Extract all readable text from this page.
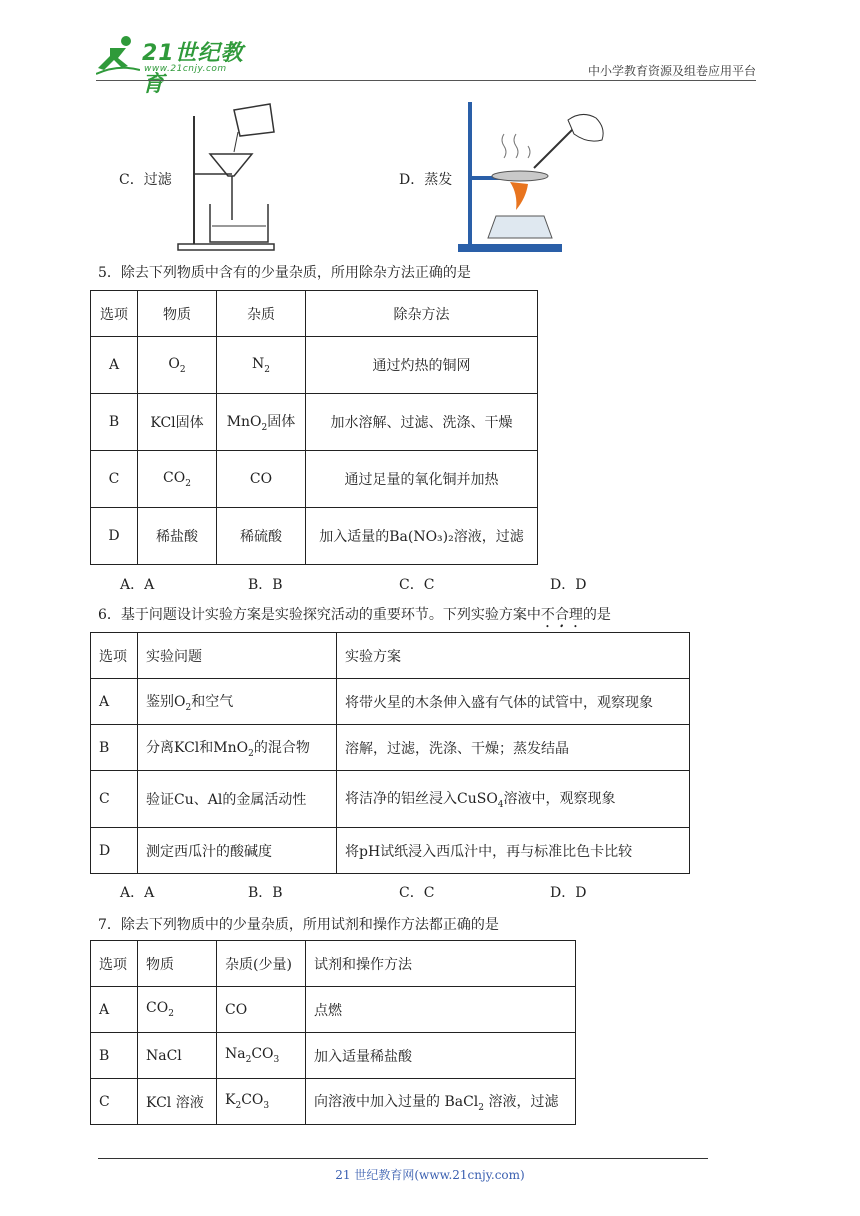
21世纪教育
www.21cnjy.com	中小学教育资源及组卷应用平台
C．过滤	D．蒸发
5．除去下列物质中含有的少量杂质，所用除杂方法正确的是
选项	物质	杂质	除杂方法
A	$O_2$	$N_2$	通过灼热的铜网
B	KCl固体	MnO$_2$固体	加水溶解、过滤、洗涤、干燥
C	$CO_2$	CO	通过足量的氧化铜并加热
D	稀盐酸	稀硫酸	加入适量的Ba(NO₃)₂溶液，过滤
A．A	B．B	C．C	D．D
6．基于问题设计实验方案是实验探究活动的重要环节。下列实验方案中不合理的是
选项	实验问题	实验方案
A	鉴别$O_2$和空气	将带火星的木条伸入盛有气体的试管中，观察现象
B	分离KCl和MnO$_2$的混合物	溶解，过滤，洗涤、干燥；蒸发结晶
C	验证Cu、Al的金属活动性	将洁净的铝丝浸入CuSO$_4$溶液中，观察现象
D	测定西瓜汁的酸碱度	将pH试纸浸入西瓜汁中，再与标准比色卡比较
A．A	B．B	C．C	D．D
7．除去下列物质中的少量杂质，所用试剂和操作方法都正确的是
选项	物质	杂质(少量)	试剂和操作方法
A	$CO_2$	CO	点燃
B	NaCl	$Na_2CO_3$	加入适量稀盐酸
C	KCl 溶液	$K_2CO_3$	向溶液中加入过量的 BaCl$_2$ 溶液，过滤
21 世纪教育网(www.21cnjy.com)
